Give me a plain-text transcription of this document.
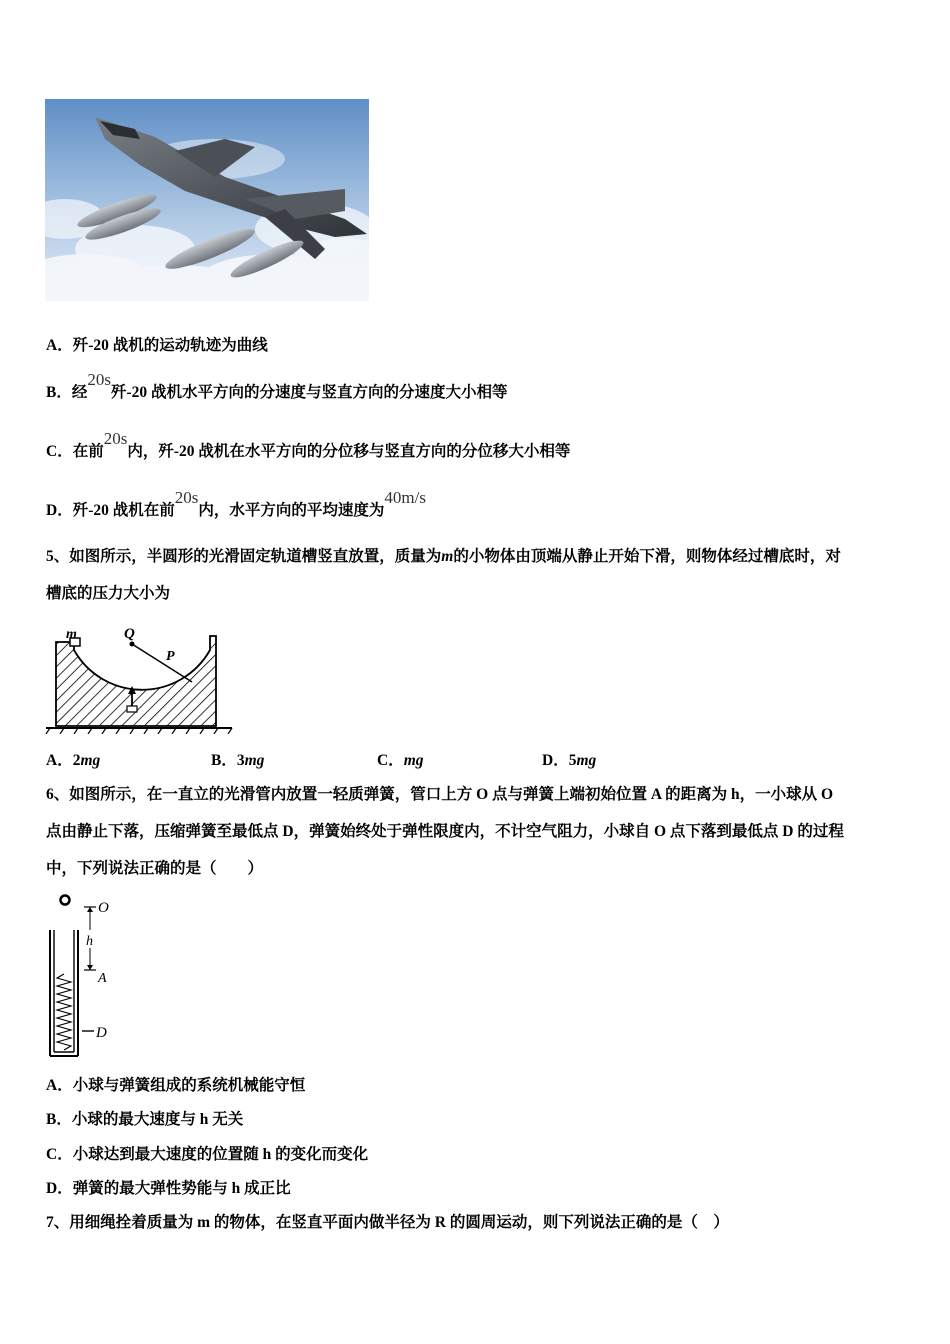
A．歼-20 战机的运动轨迹为曲线
B．经20s歼-20 战机水平方向的分速度与竖直方向的分速度大小相等
C．在前20s内，歼-20 战机在水平方向的分位移与竖直方向的分位移大小相等
D．歼-20 战机在前20s内，水平方向的平均速度为40m/s
5、如图所示，半圆形的光滑固定轨道槽竖直放置，质量为m的小物体由顶端从静止开始下滑，则物体经过槽底时，对
槽底的压力大小为
m	Q
P
A．2mg	B．3mg	C．mg	D．5mg
6、如图所示，在一直立的光滑管内放置一轻质弹簧，管口上方 O 点与弹簧上端初始位置 A 的距离为 h，一小球从 O
点由静止下落，压缩弹簧至最低点 D，弹簧始终处于弹性限度内，不计空气阻力，小球自 O 点下落到最低点 D 的过程
中，下列说法正确的是（　　）
O
h
A
D
A．小球与弹簧组成的系统机械能守恒
B．小球的最大速度与 h 无关
C．小球达到最大速度的位置随 h 的变化而变化
D．弹簧的最大弹性势能与 h 成正比
7、用细绳拴着质量为 m 的物体，在竖直平面内做半径为 R 的圆周运动，则下列说法正确的是（　）
